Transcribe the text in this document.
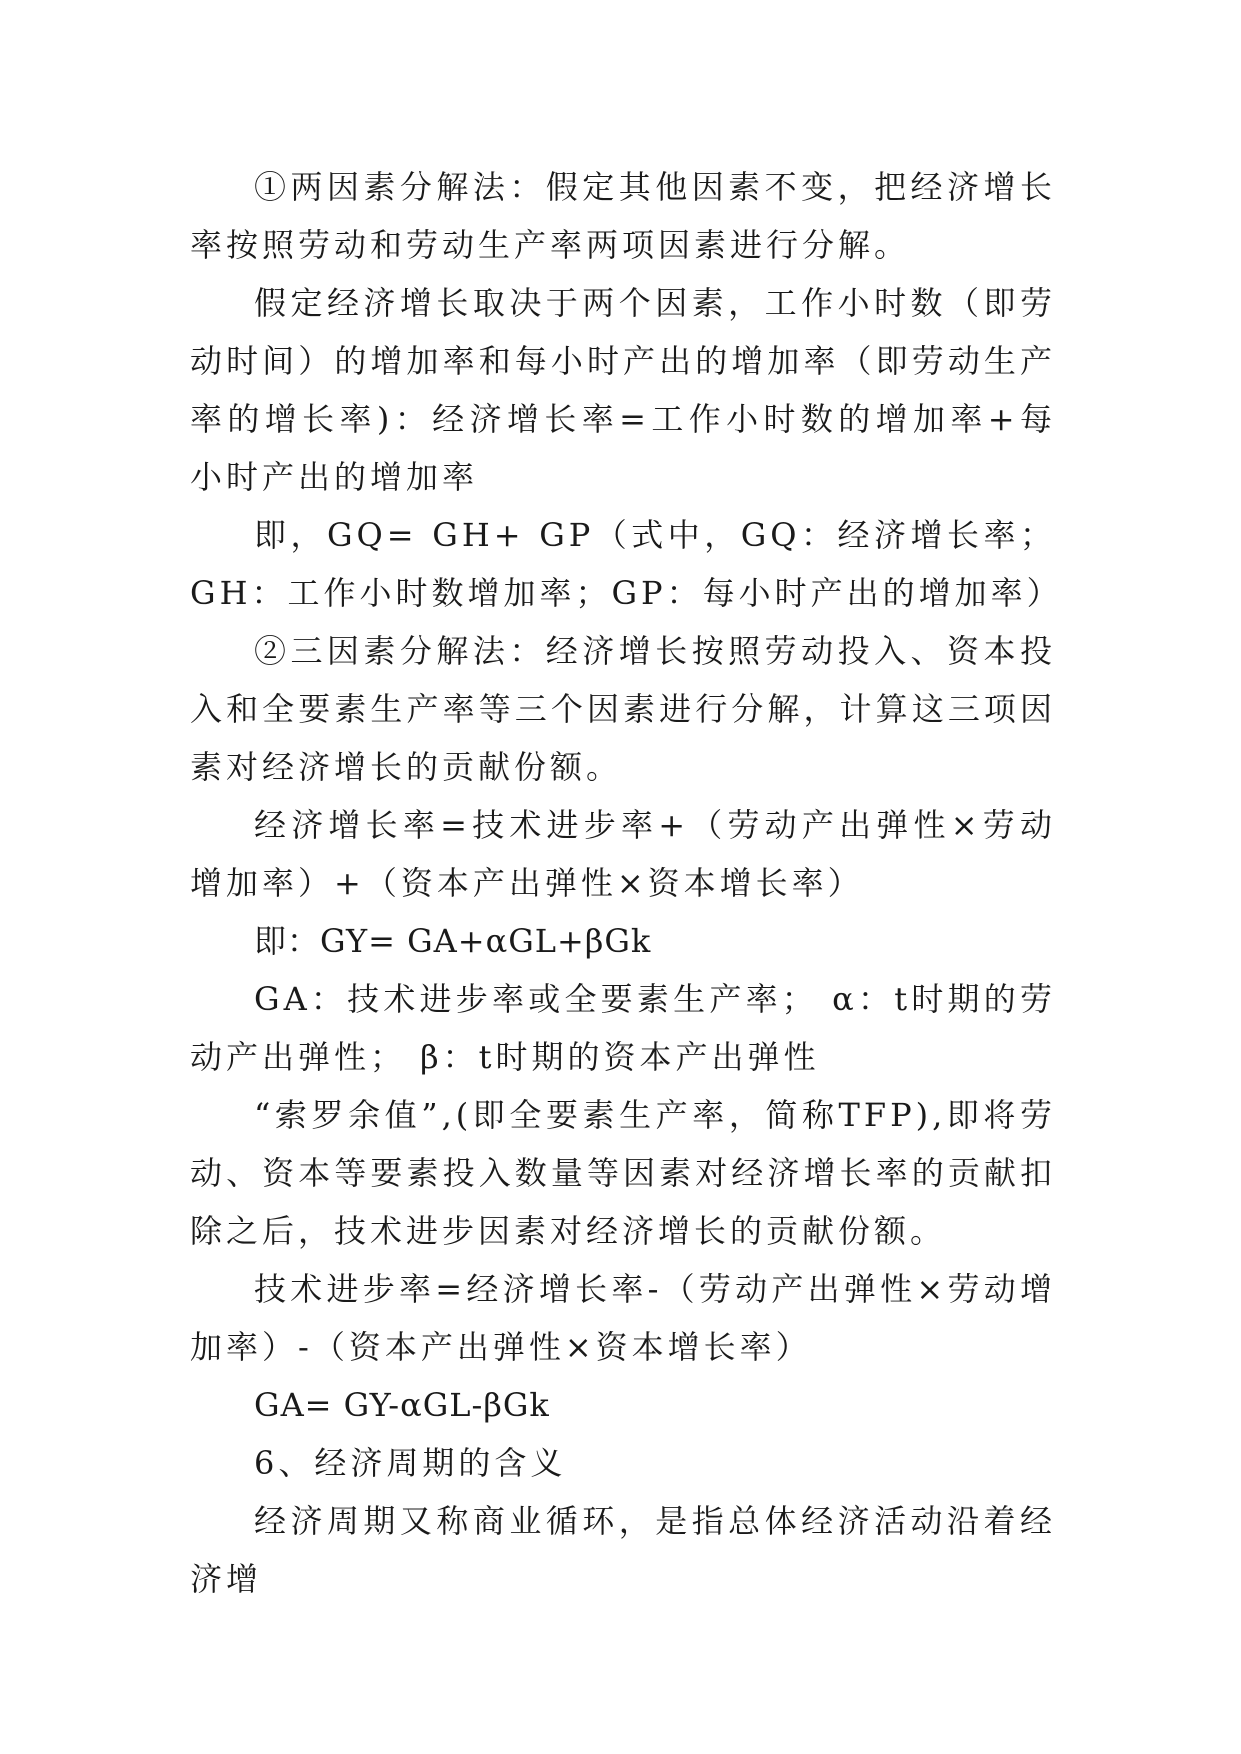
①两因素分解法：假定其他因素不变，把经济增长率按照劳动和劳动生产率两项因素进行分解。

假定经济增长取决于两个因素，工作小时数（即劳动时间）的增加率和每小时产出的增加率（即劳动生产率的增长率)：经济增长率=工作小时数的增加率+每小时产出的增加率

即，GQ= GH+ GP（式中，GQ：经济增长率；GH：工作小时数增加率；GP：每小时产出的增加率）

②三因素分解法：经济增长按照劳动投入、资本投入和全要素生产率等三个因素进行分解，计算这三项因素对经济增长的贡献份额。

经济增长率=技术进步率+（劳动产出弹性×劳动增加率）+（资本产出弹性×资本增长率）

即：GY= GA+αGL+βGk

GA：技术进步率或全要素生产率； α：t时期的劳动产出弹性； β：t时期的资本产出弹性

“索罗余值”,(即全要素生产率，简称TFP),即将劳动、资本等要素投入数量等因素对经济增长率的贡献扣除之后，技术进步因素对经济增长的贡献份额。

技术进步率=经济增长率-（劳动产出弹性×劳动增加率）-（资本产出弹性×资本增长率）

GA= GY-αGL-βGk

6、经济周期的含义

经济周期又称商业循环，是指总体经济活动沿着经济增
